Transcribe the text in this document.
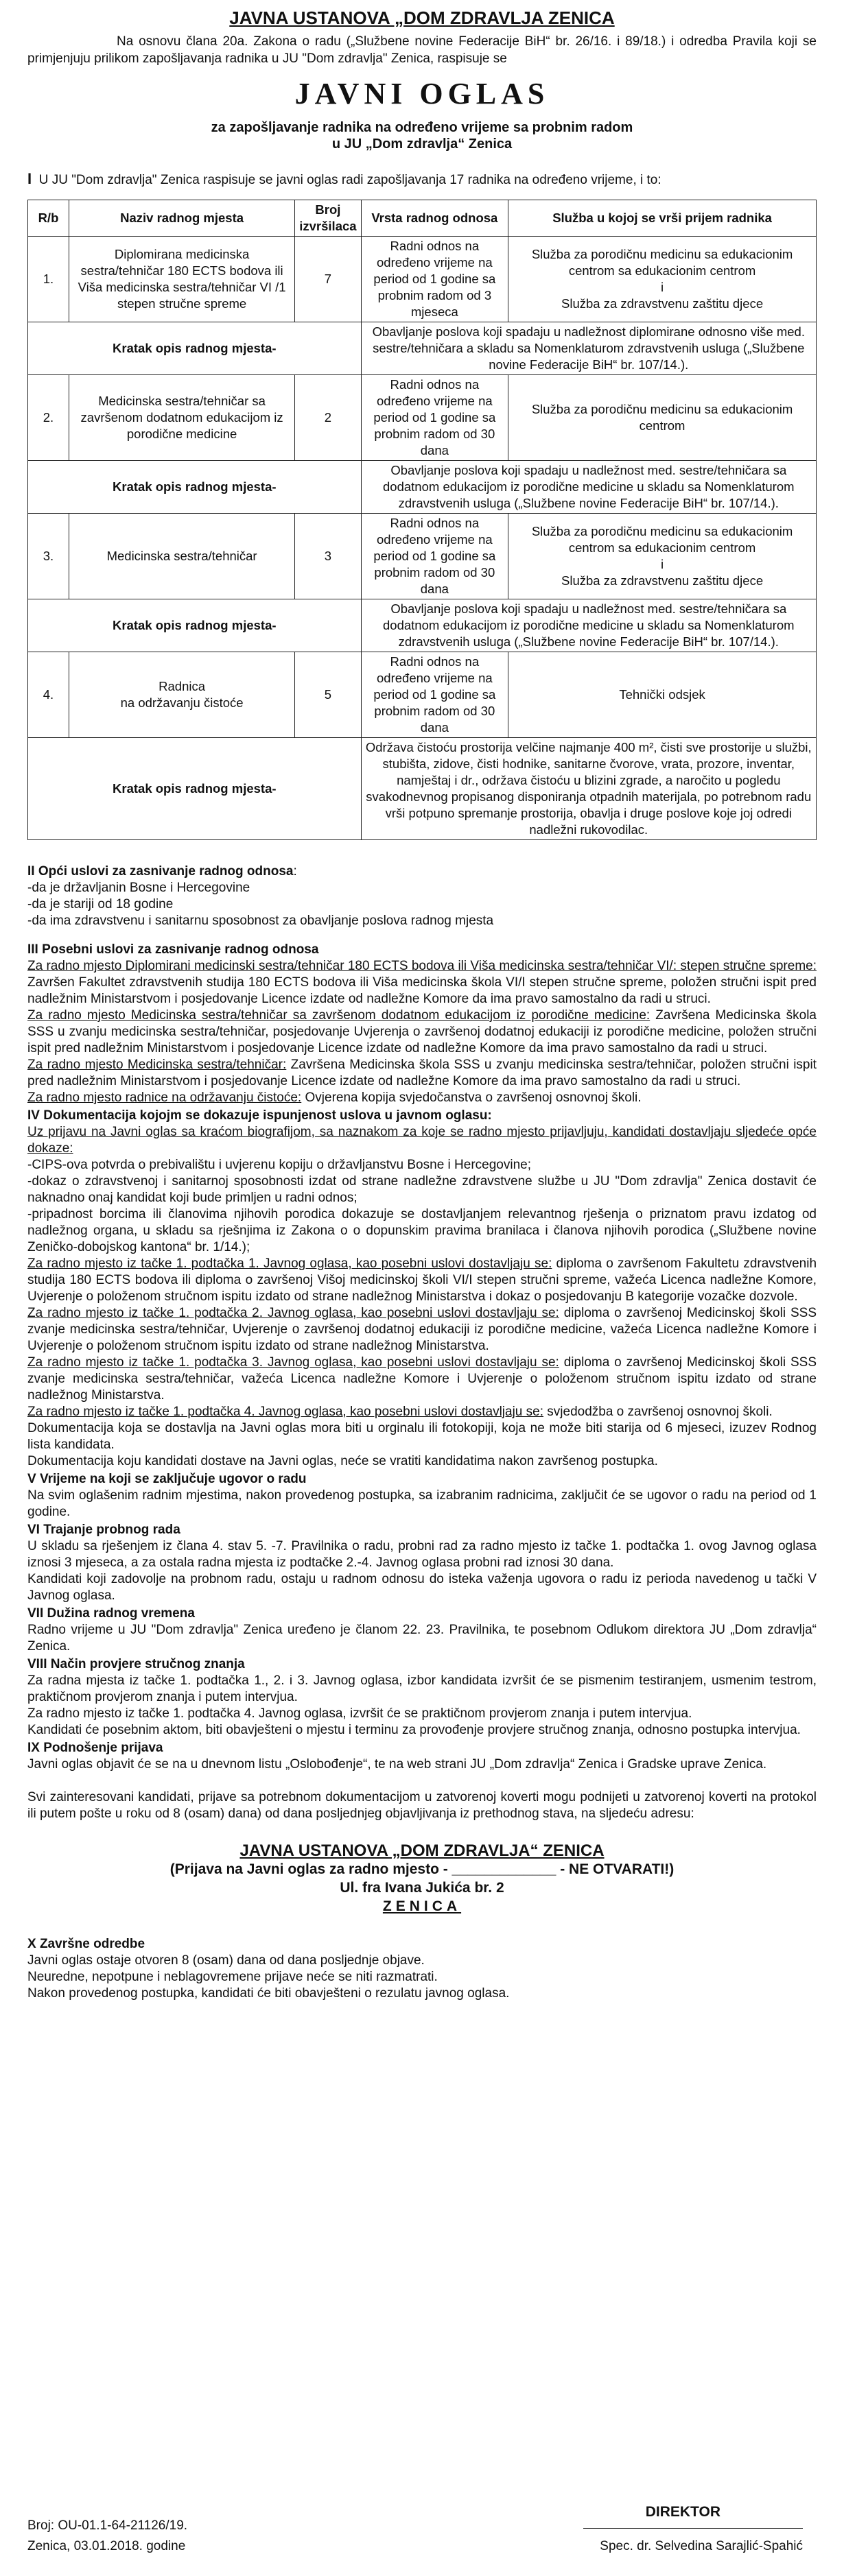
JAVNA USTANOVA „DOM ZDRAVLJA ZENICA

Na osnovu člana 20a. Zakona o radu („Službene novine Federacije BiH“ br. 26/16. i 89/18.) i odredba Pravila koji se primjenjuju prilikom zapošljavanja radnika u JU "Dom zdravlja" Zenica, raspisuje se

JAVNI OGLAS
za zapošljavanje radnika na određeno vrijeme sa probnim radom
u JU „Dom zdravlja“ Zenica
I U JU "Dom zdravlja" Zenica raspisuje se javni oglas radi zapošljavanja 17 radnika na određeno vrijeme, i to:
R/b	Naziv radnog mjesta	Broj izvršilaca	Vrsta radnog odnosa	Služba u kojoj se vrši prijem radnika
1.	Diplomirana medicinska sestra/tehničar 180 ECTS bodova ili Viša medicinska sestra/tehničar VI /1 stepen stručne spreme	7	Radni odnos na određeno vrijeme na period od 1 godine sa probnim radom od 3 mjeseca	Služba za porodičnu medicinu sa edukacionim centrom sa edukacionim centrom
i
Služba za zdravstvenu zaštitu djece
Kratak opis radnog mjesta-			Obavljanje poslova koji spadaju u nadležnost diplomirane odnosno više med. sestre/tehničara a skladu sa Nomenklaturom zdravstvenih usluga („Službene novine Federacije BiH“ br. 107/14.).	
2.	Medicinska sestra/tehničar sa završenom dodatnom edukacijom iz porodične medicine	2	Radni odnos na određeno vrijeme na period od 1 godine sa probnim radom od 30 dana	Služba za porodičnu medicinu sa edukacionim centrom
Kratak opis radnog mjesta-			Obavljanje poslova koji spadaju u nadležnost med. sestre/tehničara sa dodatnom edukacijom iz porodične medicine u skladu sa Nomenklaturom zdravstvenih usluga („Službene novine Federacije BiH“ br. 107/14.).	
3.	Medicinska sestra/tehničar	3	Radni odnos na određeno vrijeme na period od 1 godine sa probnim radom od 30 dana	Služba za porodičnu medicinu sa edukacionim centrom sa edukacionim centrom
i
Služba za zdravstvenu zaštitu djece
Kratak opis radnog mjesta-			Obavljanje poslova koji spadaju u nadležnost med. sestre/tehničara sa dodatnom edukacijom iz porodične medicine u skladu sa Nomenklaturom zdravstvenih usluga („Službene novine Federacije BiH“ br. 107/14.).	
4.	Radnica
na održavanju čistoće	5	Radni odnos na određeno vrijeme na period od 1 godine sa probnim radom od 30 dana	Tehnički odsjek
Kratak opis radnog mjesta-			Održava čistoću prostorija velčine najmanje 400 m², čisti sve prostorije u službi, stubišta, zidove, čisti hodnike, sanitarne čvorove, vrata, prozore, inventar, namještaj i dr., održava čistoću u blizini zgrade, a naročito u pogledu svakodnevnog propisanog disponiranja otpadnih materijala, po potrebnom radu vrši potpuno spremanje prostorija, obavlja i druge poslove koje joj odredi nadležni rukovodilac.	

II Opći uslovi za zasnivanje radnog odnosa:

-da je državljanin Bosne i Hercegovine

-da je stariji od 18 godine

-da ima zdravstvenu i sanitarnu sposobnost za obavljanje poslova radnog mjesta

III Posebni uslovi za zasnivanje radnog odnosa

Za radno mjesto Diplomirani medicinski sestra/tehničar 180 ECTS bodova ili Viša medicinska sestra/tehničar VI/: stepen stručne spreme: Završen Fakultet zdravstvenih studija 180 ECTS bodova ili Viša medicinska škola VI/I stepen stručne spreme, položen stručni ispit pred nadležnim Ministarstvom i posjedovanje Licence izdate od nadležne Komore da ima pravo samostalno da radi u struci.

Za radno mjesto Medicinska sestra/tehničar sa završenom dodatnom edukacijom iz porodične medicine: Završena Medicinska škola SSS u zvanju medicinska sestra/tehničar, posjedovanje Uvjerenja o završenoj dodatnoj edukaciji iz porodične medicine, položen stručni ispit pred nadležnim Ministarstvom i posjedovanje Licence izdate od nadležne Komore da ima pravo samostalno da radi u struci.

Za radno mjesto Medicinska sestra/tehničar: Završena Medicinska škola SSS u zvanju medicinska sestra/tehničar, položen stručni ispit pred nadležnim Ministarstvom i posjedovanje Licence izdate od nadležne Komore da ima pravo samostalno da radi u struci.

Za radno mjesto radnice na održavanju čistoće: Ovjerena kopija svjedočanstva o završenoj osnovnoj školi.

IV Dokumentacija kojojm se dokazuje ispunjenost uslova u javnom oglasu:

Uz prijavu na Javni oglas sa kraćom biografijom, sa naznakom za koje se radno mjesto prijavljuju, kandidati dostavljaju sljedeće opće dokaze:

-CIPS-ova potvrda o prebivalištu i uvjerenu kopiju o državljanstvu Bosne i Hercegovine;

-dokaz o zdravstvenoj i sanitarnoj sposobnosti izdat od strane nadležne zdravstvene službe u JU "Dom zdravlja" Zenica dostavit će naknadno onaj kandidat koji bude primljen u radni odnos;

-pripadnost borcima ili članovima njihovih porodica dokazuje se dostavljanjem relevantnog rješenja o priznatom pravu izdatog od nadležnog organa, u skladu sa rješnjima iz Zakona o o dopunskim pravima branilaca i članova njihovih porodica („Službene novine Zeničko-dobojskog kantona“ br. 1/14.);

Za radno mjesto iz tačke 1. podtačka 1. Javnog oglasa, kao posebni uslovi dostavljaju se: diploma o završenom Fakultetu zdravstvenih studija 180 ECTS bodova ili diploma o završenoj Višoj medicinskoj školi VI/I stepen stručni spreme, važeća Licenca nadležne Komore, Uvjerenje o položenom stručnom ispitu izdato od strane nadležnog Ministarstva i dokaz o posjedovanju B kategorije vozačke dozvole.

Za radno mjesto iz tačke 1. podtačka 2. Javnog oglasa, kao posebni uslovi dostavljaju se: diploma o završenoj Medicinskoj školi SSS zvanje medicinska sestra/tehničar, Uvjerenje o završenoj dodatnoj edukaciji iz porodične medicine, važeća Licenca nadležne Komore i Uvjerenje o položenom stručnom ispitu izdato od strane nadležnog Ministarstva.

Za radno mjesto iz tačke 1. podtačka 3. Javnog oglasa, kao posebni uslovi dostavljaju se: diploma o završenoj Medicinskoj školi SSS zvanje medicinska sestra/tehničar, važeća Licenca nadležne Komore i Uvjerenje o položenom stručnom ispitu izdato od strane nadležnog Ministarstva.

Za radno mjesto iz tačke 1. podtačka 4. Javnog oglasa, kao posebni uslovi dostavljaju se: svjedodžba o završenoj osnovnoj školi.

Dokumentacija koja se dostavlja na Javni oglas mora biti u orginalu ili fotokopiji, koja ne može biti starija od 6 mjeseci, izuzev Rodnog lista kandidata.

Dokumentacija koju kandidati dostave na Javni oglas, neće se vratiti kandidatima nakon završenog postupka.

V Vrijeme na koji se zaključuje ugovor o radu

Na svim oglašenim radnim mjestima, nakon provedenog postupka, sa izabranim radnicima, zaključit će se ugovor o radu na period od 1 godine.

VI Trajanje probnog rada

U skladu sa rješenjem iz člana 4. stav 5. -7. Pravilnika o radu, probni rad za radno mjesto iz tačke 1. podtačka 1. ovog Javnog oglasa iznosi 3 mjeseca, a za ostala radna mjesta iz podtačke 2.-4. Javnog oglasa probni rad iznosi 30 dana.

Kandidati koji zadovolje na probnom radu, ostaju u radnom odnosu do isteka važenja ugovora o radu iz perioda navedenog u tački V Javnog oglasa.

VII Dužina radnog vremena

Radno vrijeme u JU "Dom zdravlja" Zenica uređeno je članom 22. 23. Pravilnika, te posebnom Odlukom direktora JU „Dom zdravlja“ Zenica.

VIII Način provjere stručnog znanja

Za radna mjesta iz tačke 1. podtačka 1., 2. i 3. Javnog oglasa, izbor kandidata izvršit će se pismenim testiranjem, usmenim testrom, praktičnom provjerom znanja i putem intervjua.

Za radno mjesto iz tačke 1. podtačka 4. Javnog oglasa, izvršit će se praktičnom provjerom znanja i putem intervjua.

Kandidati će posebnim aktom, biti obavješteni o mjestu i terminu za provođenje provjere stručnog znanja, odnosno postupka intervjua.

IX Podnošenje prijava

Javni oglas objavit će se na u dnevnom listu „Oslobođenje“, te na web strani JU „Dom zdravlja“ Zenica i Gradske uprave Zenica.

Svi zainteresovani kandidati, prijave sa potrebnom dokumentacijom u zatvorenoj koverti mogu podnijeti u zatvorenoj koverti na protokol ili putem pošte u roku od 8 (osam) dana) od dana posljednjeg objavljivanja iz prethodnog stava, na sljedeću adresu:

JAVNA USTANOVA „DOM ZDRAVLJA“ ZENICA
(Prijava na Javni oglas za radno mjesto - _____________ - NE OTVARATI!)
Ul. fra Ivana Jukića br. 2
ZENICA

X Završne odredbe

Javni oglas ostaje otvoren 8 (osam) dana od dana posljednje objave.

Neuredne, nepotpune i neblagovremene prijave neće se niti razmatrati.

Nakon provedenog postupka, kandidati će biti obavješteni o rezulatu javnog oglasa.

Broj: OU-01.1-64-21126/19.
Zenica, 03.01.2018. godine
DIREKTOR
Spec. dr. Selvedina Sarajlić-Spahić
